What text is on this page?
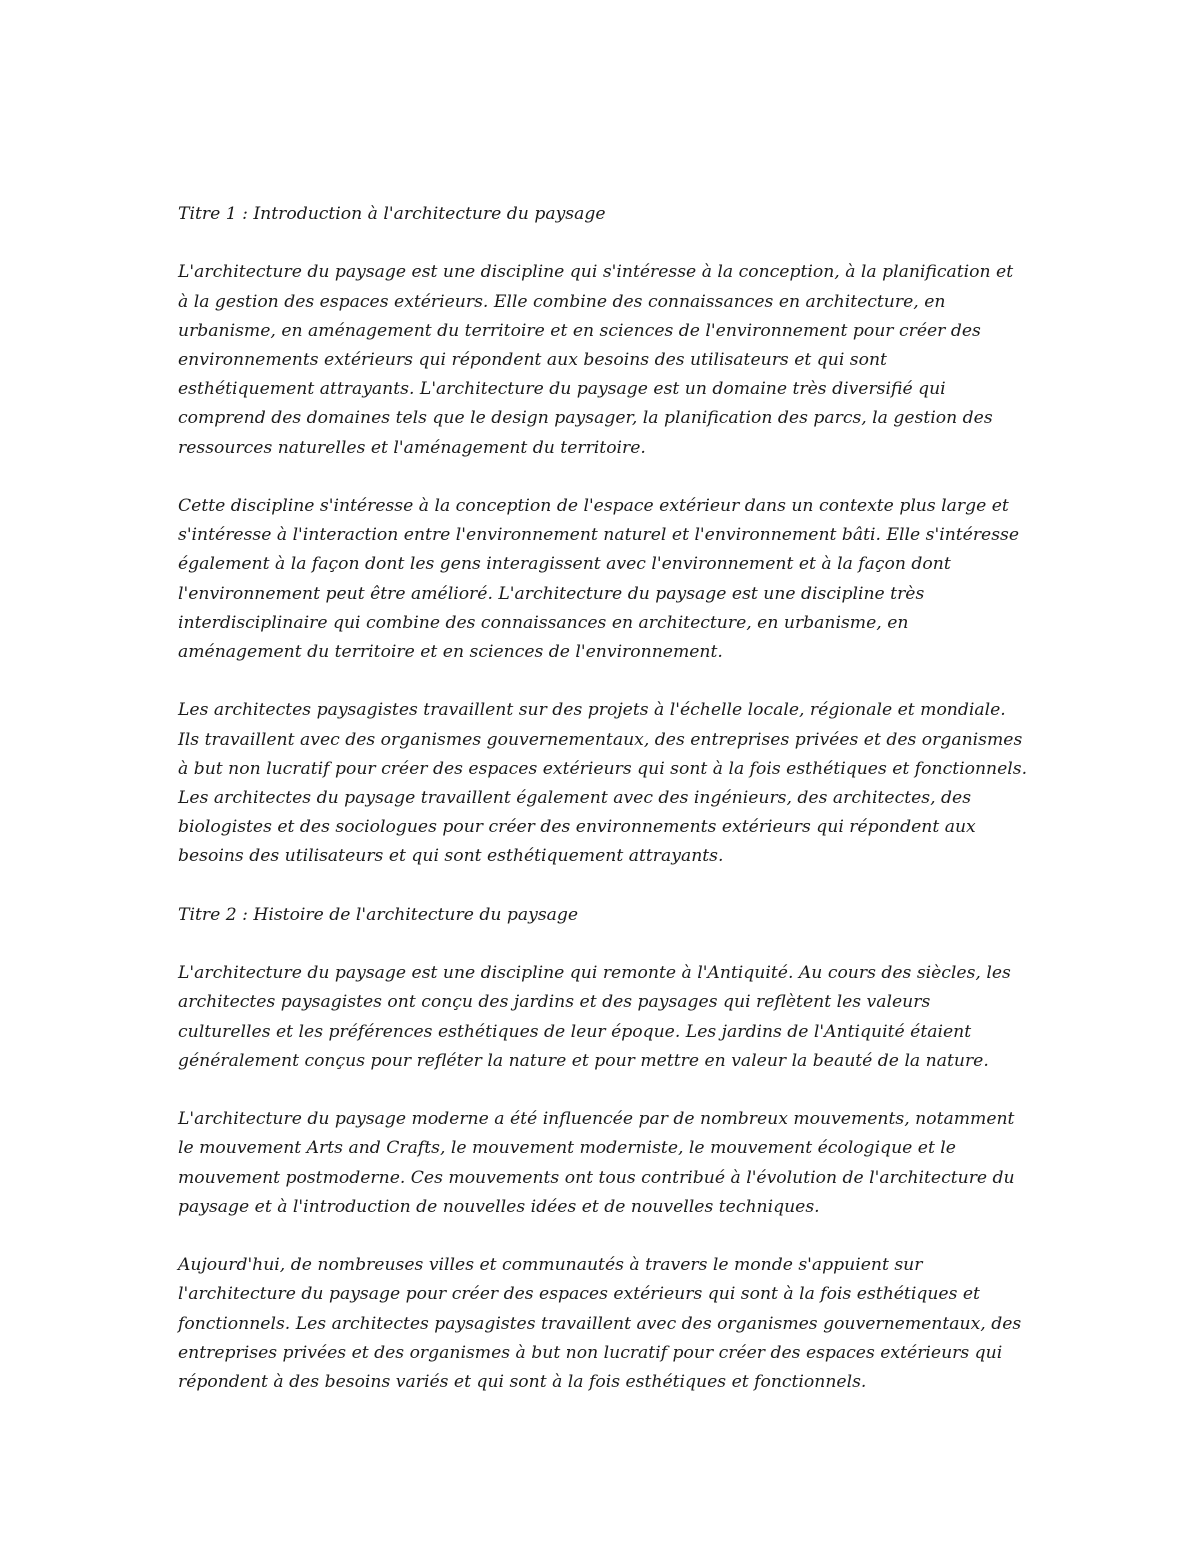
Titre 1 : Introduction à l'architecture du paysage

L'architecture du paysage est une discipline qui s'intéresse à la conception, à la planification et à la gestion des espaces extérieurs. Elle combine des connaissances en architecture, en urbanisme, en aménagement du territoire et en sciences de l'environnement pour créer des environnements extérieurs qui répondent aux besoins des utilisateurs et qui sont esthétiquement attrayants. L'architecture du paysage est un domaine très diversifié qui comprend des domaines tels que le design paysager, la planification des parcs, la gestion des ressources naturelles et l'aménagement du territoire.

Cette discipline s'intéresse à la conception de l'espace extérieur dans un contexte plus large et s'intéresse à l'interaction entre l'environnement naturel et l'environnement bâti. Elle s'intéresse également à la façon dont les gens interagissent avec l'environnement et à la façon dont l'environnement peut être amélioré. L'architecture du paysage est une discipline très interdisciplinaire qui combine des connaissances en architecture, en urbanisme, en aménagement du territoire et en sciences de l'environnement.

Les architectes paysagistes travaillent sur des projets à l'échelle locale, régionale et mondiale. Ils travaillent avec des organismes gouvernementaux, des entreprises privées et des organismes à but non lucratif pour créer des espaces extérieurs qui sont à la fois esthétiques et fonctionnels. Les architectes du paysage travaillent également avec des ingénieurs, des architectes, des biologistes et des sociologues pour créer des environnements extérieurs qui répondent aux besoins des utilisateurs et qui sont esthétiquement attrayants.

Titre 2 : Histoire de l'architecture du paysage

L'architecture du paysage est une discipline qui remonte à l'Antiquité. Au cours des siècles, les architectes paysagistes ont conçu des jardins et des paysages qui reflètent les valeurs culturelles et les préférences esthétiques de leur époque. Les jardins de l'Antiquité étaient généralement conçus pour refléter la nature et pour mettre en valeur la beauté de la nature.

L'architecture du paysage moderne a été influencée par de nombreux mouvements, notamment le mouvement Arts and Crafts, le mouvement moderniste, le mouvement écologique et le mouvement postmoderne. Ces mouvements ont tous contribué à l'évolution de l'architecture du paysage et à l'introduction de nouvelles idées et de nouvelles techniques.

Aujourd'hui, de nombreuses villes et communautés à travers le monde s'appuient sur l'architecture du paysage pour créer des espaces extérieurs qui sont à la fois esthétiques et fonctionnels. Les architectes paysagistes travaillent avec des organismes gouvernementaux, des entreprises privées et des organismes à but non lucratif pour créer des espaces extérieurs qui répondent à des besoins variés et qui sont à la fois esthétiques et fonctionnels.
